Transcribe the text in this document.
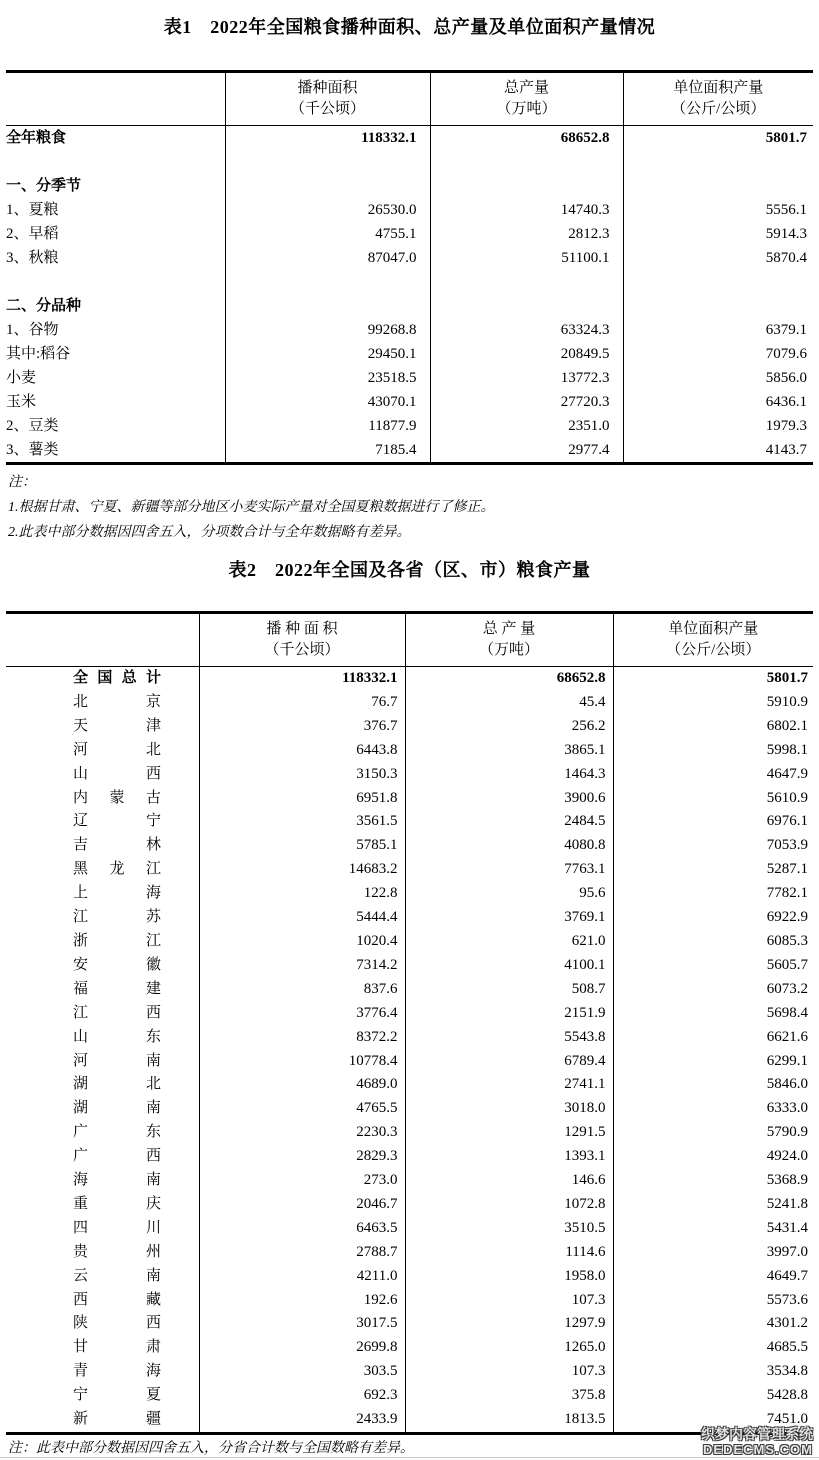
表1　2022年全国粮食播种面积、总产量及单位面积产量情况

播种面积
（千公顷）

总产量
（万吨）

单位面积产量
（公斤/公顷）

全年粮食	118332.1	68652.8	5801.7

一、分季节			
1、夏粮	26530.0	14740.3	5556.1
2、早稻	4755.1	2812.3	5914.3
3、秋粮	87047.0	51100.1	5870.4

二、分品种			
1、谷物	99268.8	63324.3	6379.1
其中:稻谷	29450.1	20849.5	7079.6
小麦	23518.5	13772.3	5856.0
玉米	43070.1	27720.3	6436.1
2、豆类	11877.9	2351.0	1979.3
3、薯类	7185.4	2977.4	4143.7
注：
1.根据甘肃、宁夏、新疆等部分地区小麦实际产量对全国夏粮数据进行了修正。
2.此表中部分数据因四舍五入，分项数合计与全年数据略有差异。
表2　2022年全国及各省（区、市）粮食产量

播 种 面 积
（千公顷）

总 产 量
（万吨）

单位面积产量
（公斤/公顷）

全国总计	118332.1	68652.8	5801.7
北京	76.7	45.4	5910.9
天津	376.7	256.2	6802.1
河北	6443.8	3865.1	5998.1
山西	3150.3	1464.3	4647.9
内蒙古	6951.8	3900.6	5610.9
辽宁	3561.5	2484.5	6976.1
吉林	5785.1	4080.8	7053.9
黑龙江	14683.2	7763.1	5287.1
上海	122.8	95.6	7782.1
江苏	5444.4	3769.1	6922.9
浙江	1020.4	621.0	6085.3
安徽	7314.2	4100.1	5605.7
福建	837.6	508.7	6073.2
江西	3776.4	2151.9	5698.4
山东	8372.2	5543.8	6621.6
河南	10778.4	6789.4	6299.1
湖北	4689.0	2741.1	5846.0
湖南	4765.5	3018.0	6333.0
广东	2230.3	1291.5	5790.9
广西	2829.3	1393.1	4924.0
海南	273.0	146.6	5368.9
重庆	2046.7	1072.8	5241.8
四川	6463.5	3510.5	5431.4
贵州	2788.7	1114.6	3997.0
云南	4211.0	1958.0	4649.7
西藏	192.6	107.3	5573.6
陕西	3017.5	1297.9	4301.2
甘肃	2699.8	1265.0	4685.5
青海	303.5	107.3	3534.8
宁夏	692.3	375.8	5428.8
新疆	2433.9	1813.5	7451.0
注：此表中部分数据因四舍五入，分省合计数与全国数略有差异。
织梦内容管理系统
DEDECMS.COM
